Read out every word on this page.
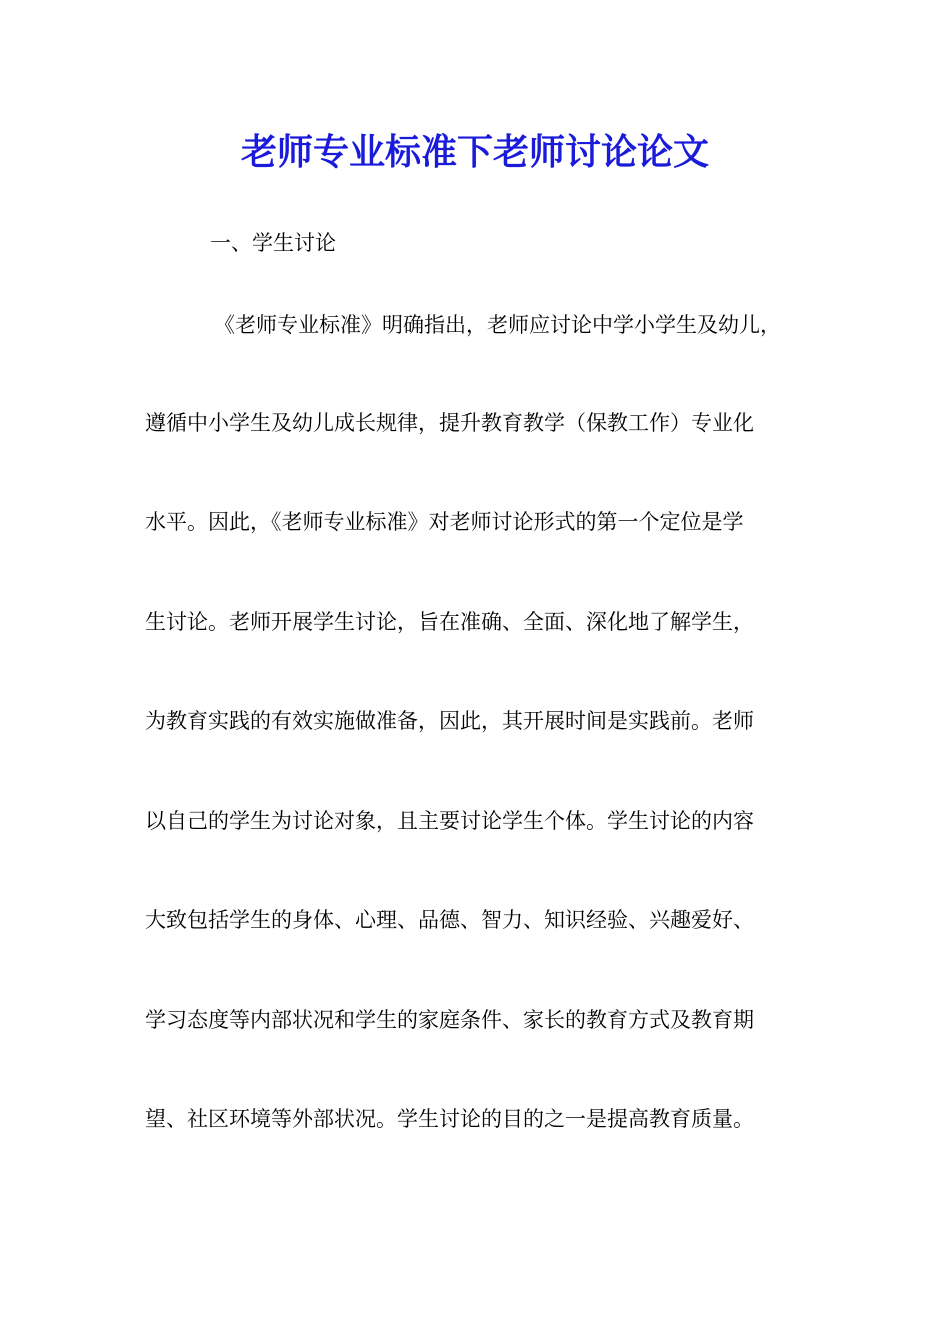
老师专业标准下老师讨论论文

一、学生讨论

《老师专业标准》明确指出，老师应讨论中学小学生及幼儿，

遵循中小学生及幼儿成长规律，提升教育教学（保教工作）专业化

水平。因此，《老师专业标准》对老师讨论形式的第一个定位是学

生讨论。老师开展学生讨论，旨在准确、全面、深化地了解学生，

为教育实践的有效实施做准备，因此，其开展时间是实践前。老师

以自己的学生为讨论对象，且主要讨论学生个体。学生讨论的内容

大致包括学生的身体、心理、品德、智力、知识经验、兴趣爱好、

学习态度等内部状况和学生的家庭条件、家长的教育方式及教育期

望、社区环境等外部状况。学生讨论的目的之一是提高教育质量。
